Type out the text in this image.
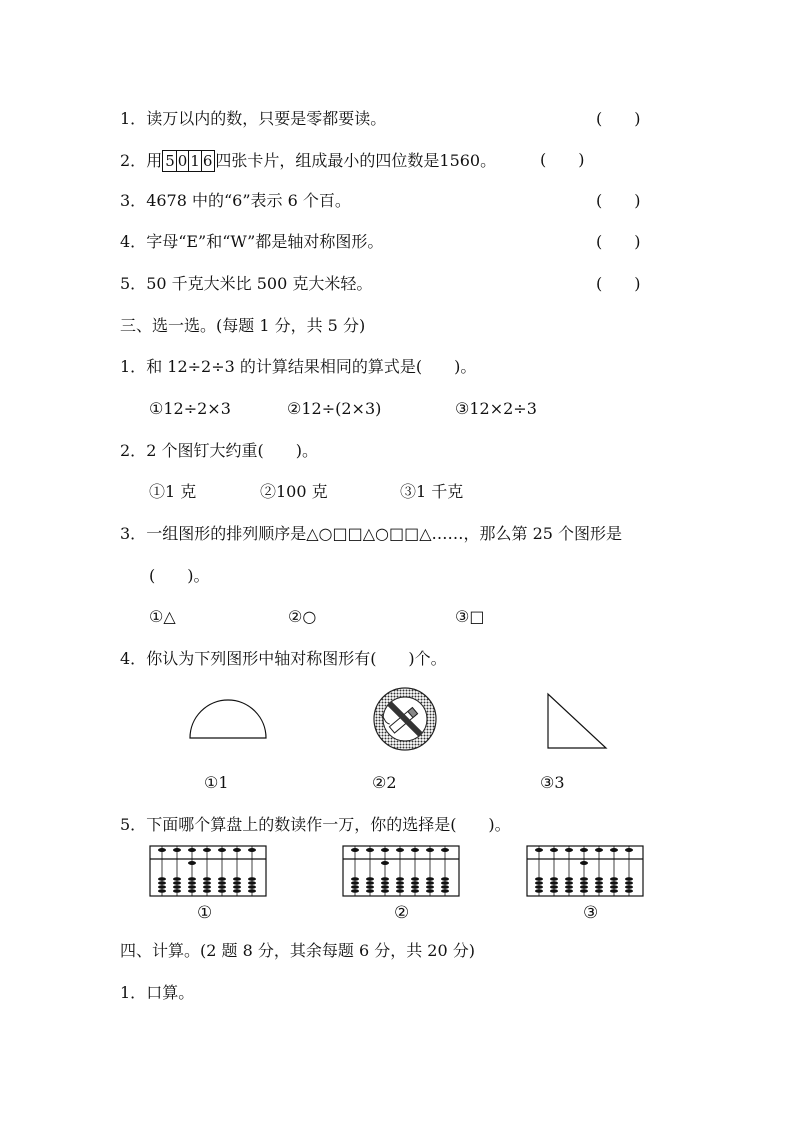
1．读万以内的数，只要是零都要读。	(　　)
2．用 5 0 1 6 四张卡片，组成最小的四位数是1560。	(　　)
3．4678 中的“6”表示 6 个百。	(　　)
4．字母“E”和“W”都是轴对称图形。	(　　)
5．50 千克大米比 500 克大米轻。	(　　)
三、选一选。(每题 1 分，共 5 分)
1．和 12÷2÷3 的计算结果相同的算式是(　　)。
①12÷2×3	②12÷(2×3)	③12×2÷3
2．2 个图钉大约重(　　)。
①1 克	②100 克	③1 千克
3．一组图形的排列顺序是△○□□△○□□△……，那么第 25 个图形是
(　　)。
①△	②○	③□
4．你认为下列图形中轴对称图形有(　　)个。
①1	②2	③3
5．下面哪个算盘上的数读作一万，你的选择是(　　)。
①	②	③
四、计算。(2 题 8 分，其余每题 6 分，共 20 分)
1．口算。
